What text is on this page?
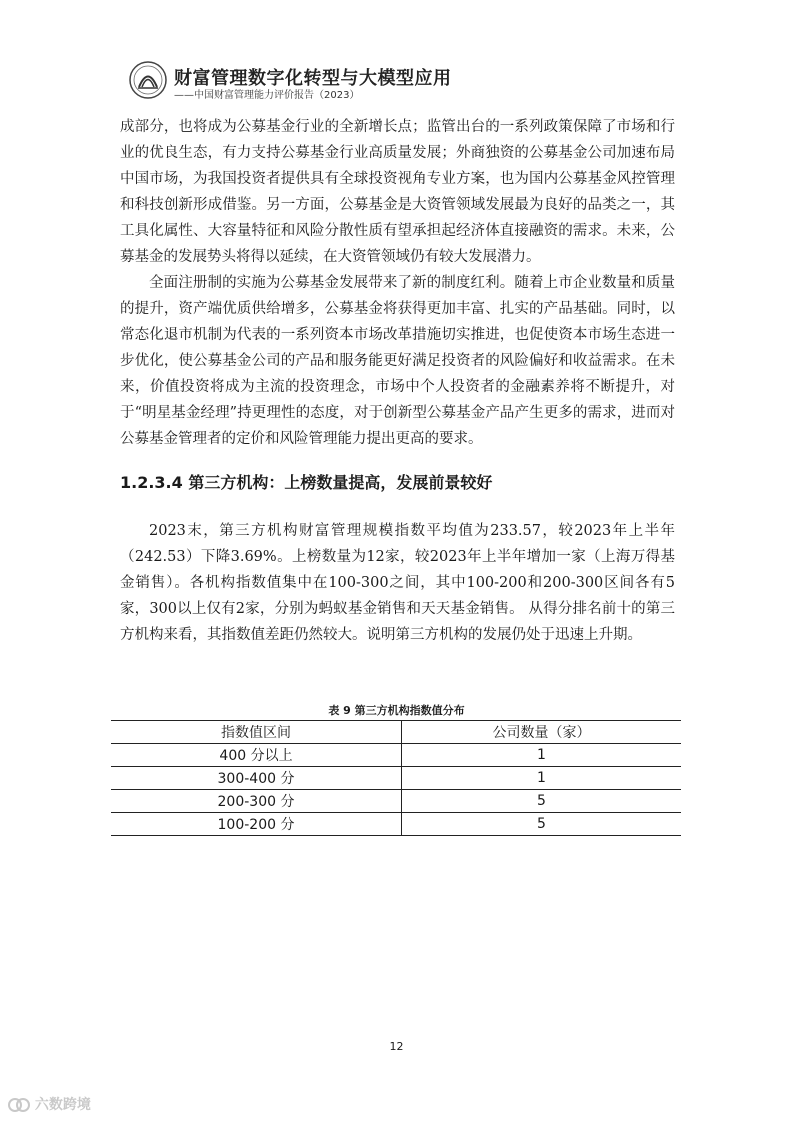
财富管理数字化转型与大模型应用
——中国财富管理能力评价报告（2023）

成部分，也将成为公募基金行业的全新增长点；监管出台的一系列政策保障了市场和行业的优良生态，有力支持公募基金行业高质量发展；外商独资的公募基金公司加速布局中国市场，为我国投资者提供具有全球投资视角专业方案，也为国内公募基金风控管理和科技创新形成借鉴。另一方面，公募基金是大资管领域发展最为良好的品类之一，其工具化属性、大容量特征和风险分散性质有望承担起经济体直接融资的需求。未来，公募基金的发展势头将得以延续，在大资管领域仍有较大发展潜力。

全面注册制的实施为公募基金发展带来了新的制度红利。随着上市企业数量和质量的提升，资产端优质供给增多，公募基金将获得更加丰富、扎实的产品基础。同时，以常态化退市机制为代表的一系列资本市场改革措施切实推进，也促使资本市场生态进一步优化，使公募基金公司的产品和服务能更好满足投资者的风险偏好和收益需求。在未来，价值投资将成为主流的投资理念，市场中个人投资者的金融素养将不断提升，对于“明星基金经理”持更理性的态度，对于创新型公募基金产品产生更多的需求，进而对公募基金管理者的定价和风险管理能力提出更高的要求。

1.2.3.4 第三方机构：上榜数量提高，发展前景较好

2023末，第三方机构财富管理规模指数平均值为233.57，较2023年上半年（242.53）下降3.69%。上榜数量为12家，较2023年上半年增加一家（上海万得基金销售）。各机构指数值集中在100-300之间，其中100-200和200-300区间各有5家，300以上仅有2家，分别为蚂蚁基金销售和天天基金销售。 从得分排名前十的第三方机构来看，其指数值差距仍然较大。说明第三方机构的发展仍处于迅速上升期。

表 9 第三方机构指数值分布
指数值区间	公司数量（家）
400 分以上	1
300-400 分	1
200-300 分	5
100-200 分	5
12
六数跨境
